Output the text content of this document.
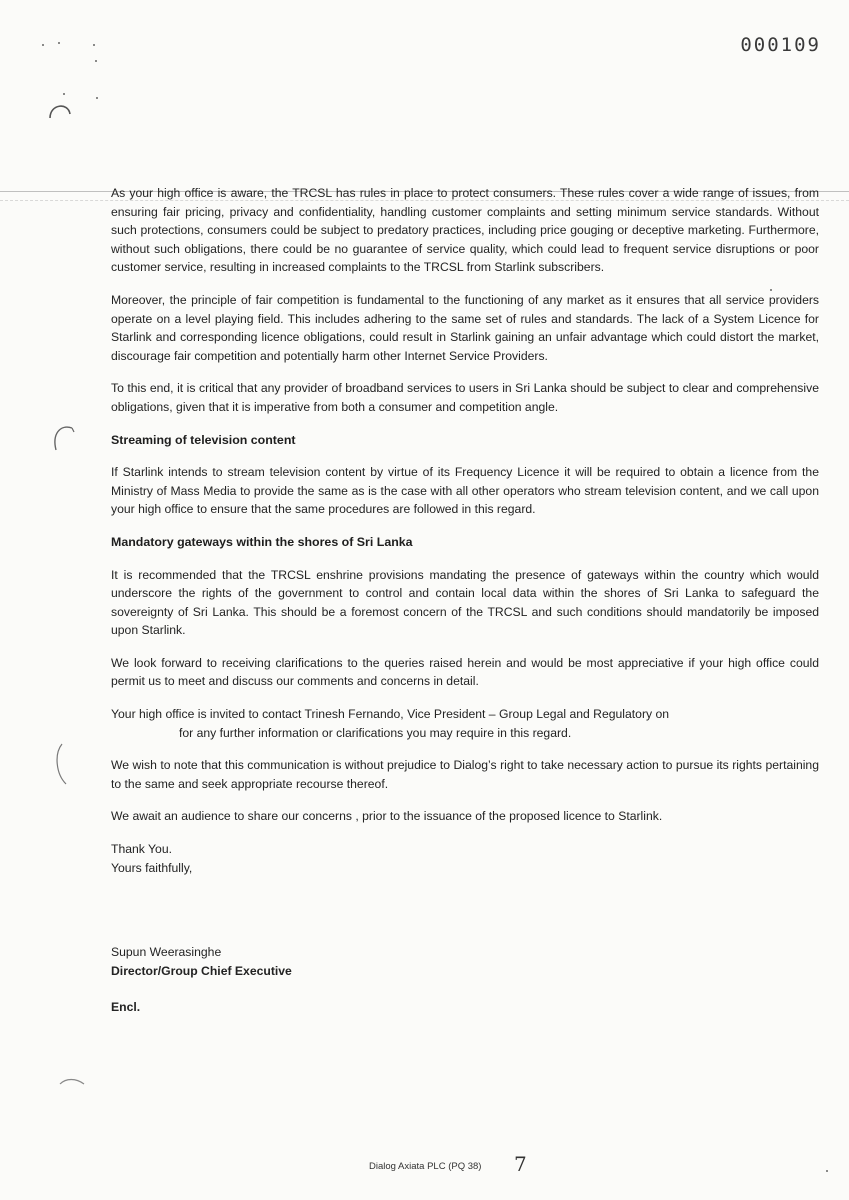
000109

As your high office is aware, the TRCSL has rules in place to protect consumers. These rules cover a wide range of issues, from ensuring fair pricing, privacy and confidentiality, handling customer complaints and setting minimum service standards. Without such protections, consumers could be subject to predatory practices, including price gouging or deceptive marketing. Furthermore, without such obligations, there could be no guarantee of service quality, which could lead to frequent service disruptions or poor customer service, resulting in increased complaints to the TRCSL from Starlink subscribers.

Moreover, the principle of fair competition is fundamental to the functioning of any market as it ensures that all service providers operate on a level playing field. This includes adhering to the same set of rules and standards. The lack of a System Licence for Starlink and corresponding licence obligations, could result in Starlink gaining an unfair advantage which could distort the market, discourage fair competition and potentially harm other Internet Service Providers.

To this end, it is critical that any provider of broadband services to users in Sri Lanka should be subject to clear and comprehensive obligations, given that it is imperative from both a consumer and competition angle.

Streaming of television content

If Starlink intends to stream television content by virtue of its Frequency Licence it will be required to obtain a licence from the Ministry of Mass Media to provide the same as is the case with all other operators who stream television content, and we call upon your high office to ensure that the same procedures are followed in this regard.

Mandatory gateways within the shores of Sri Lanka

It is recommended that the TRCSL enshrine provisions mandating the presence of gateways within the country which would underscore the rights of the government to control and contain local data within the shores of Sri Lanka to safeguard the sovereignty of Sri Lanka. This should be a foremost concern of the TRCSL and such conditions should mandatorily be imposed upon Starlink.

We look forward to receiving clarifications to the queries raised herein and would be most appreciative if your high office could permit us to meet and discuss our comments and concerns in detail.

Your high office is invited to contact Trinesh Fernando, Vice President – Group Legal and Regulatory on
for any further information or clarifications you may require in this regard.

We wish to note that this communication is without prejudice to Dialog’s right to take necessary action to pursue its rights pertaining to the same and seek appropriate recourse thereof.

We await an audience to share our concerns , prior to the issuance of the proposed licence to Starlink.

Thank You.
Yours faithfully,
Supun Weerasinghe
Director/Group Chief Executive
Encl.
Dialog Axiata PLC (PQ 38) 7
